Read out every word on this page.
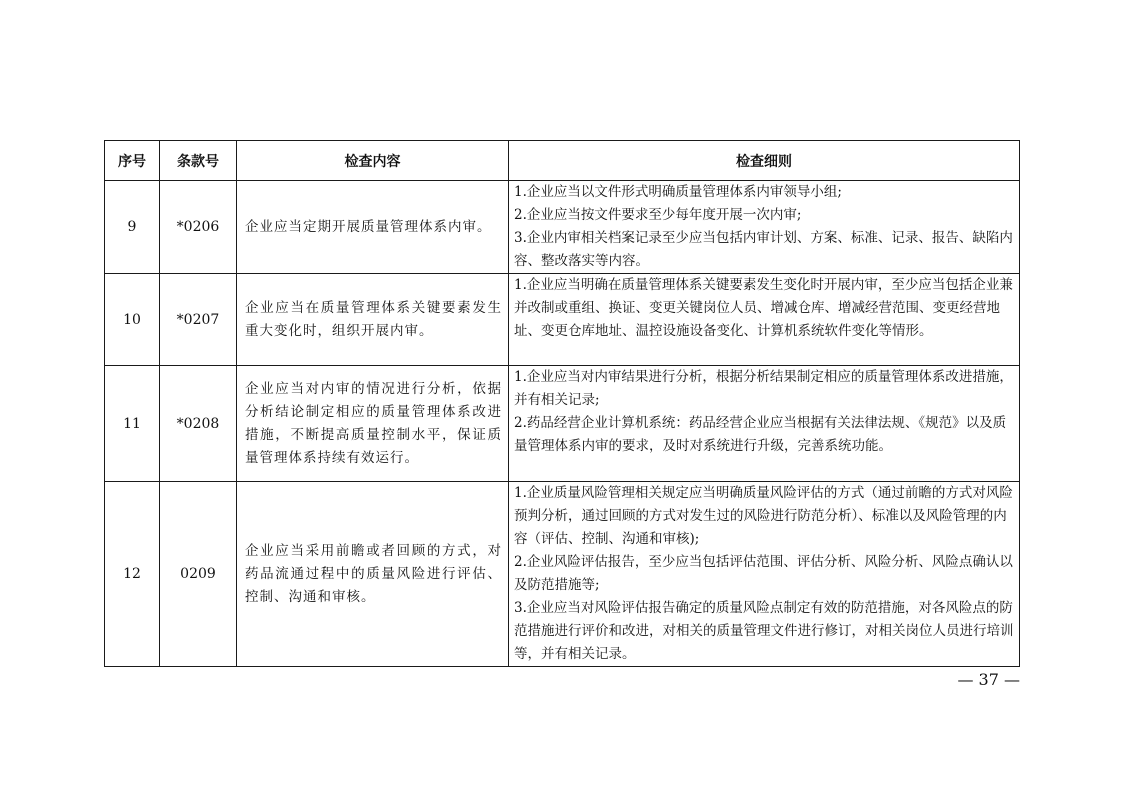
序号	条款号	检查内容	检查细则
9	*0206	企业应当定期开展质量管理体系内审。	1.企业应当以文件形式明确质量管理体系内审领导小组;

2.企业应当按文件要求至少每年度开展一次内审;

3.企业内审相关档案记录至少应当包括内审计划、方案、标准、记录、报告、缺陷内容、整改落实等内容。

10	*0207	企业应当在质量管理体系关键要素发生重大变化时，组织开展内审。	1.企业应当明确在质量管理体系关键要素发生变化时开展内审，至少应当包括企业兼并改制或重组、换证、变更关键岗位人员、增减仓库、增减经营范围、变更经营地址、变更仓库地址、温控设施设备变化、计算机系统软件变化等情形。

11	*0208	企业应当对内审的情况进行分析，依据分析结论制定相应的质量管理体系改进措施，不断提高质量控制水平，保证质量管理体系持续有效运行。	1.企业应当对内审结果进行分析，根据分析结果制定相应的质量管理体系改进措施，并有相关记录;

2.药品经营企业计算机系统：药品经营企业应当根据有关法律法规、《规范》以及质量管理体系内审的要求，及时对系统进行升级，完善系统功能。

12	0209	企业应当采用前瞻或者回顾的方式，对药品流通过程中的质量风险进行评估、控制、沟通和审核。	1.企业质量风险管理相关规定应当明确质量风险评估的方式（通过前瞻的方式对风险预判分析，通过回顾的方式对发生过的风险进行防范分析）、标准以及风险管理的内容（评估、控制、沟通和审核);

2.企业风险评估报告，至少应当包括评估范围、评估分析、风险分析、风险点确认以及防范措施等;

3.企业应当对风险评估报告确定的质量风险点制定有效的防范措施，对各风险点的防范措施进行评价和改进，对相关的质量管理文件进行修订，对相关岗位人员进行培训等，并有相关记录。

— 37 —
